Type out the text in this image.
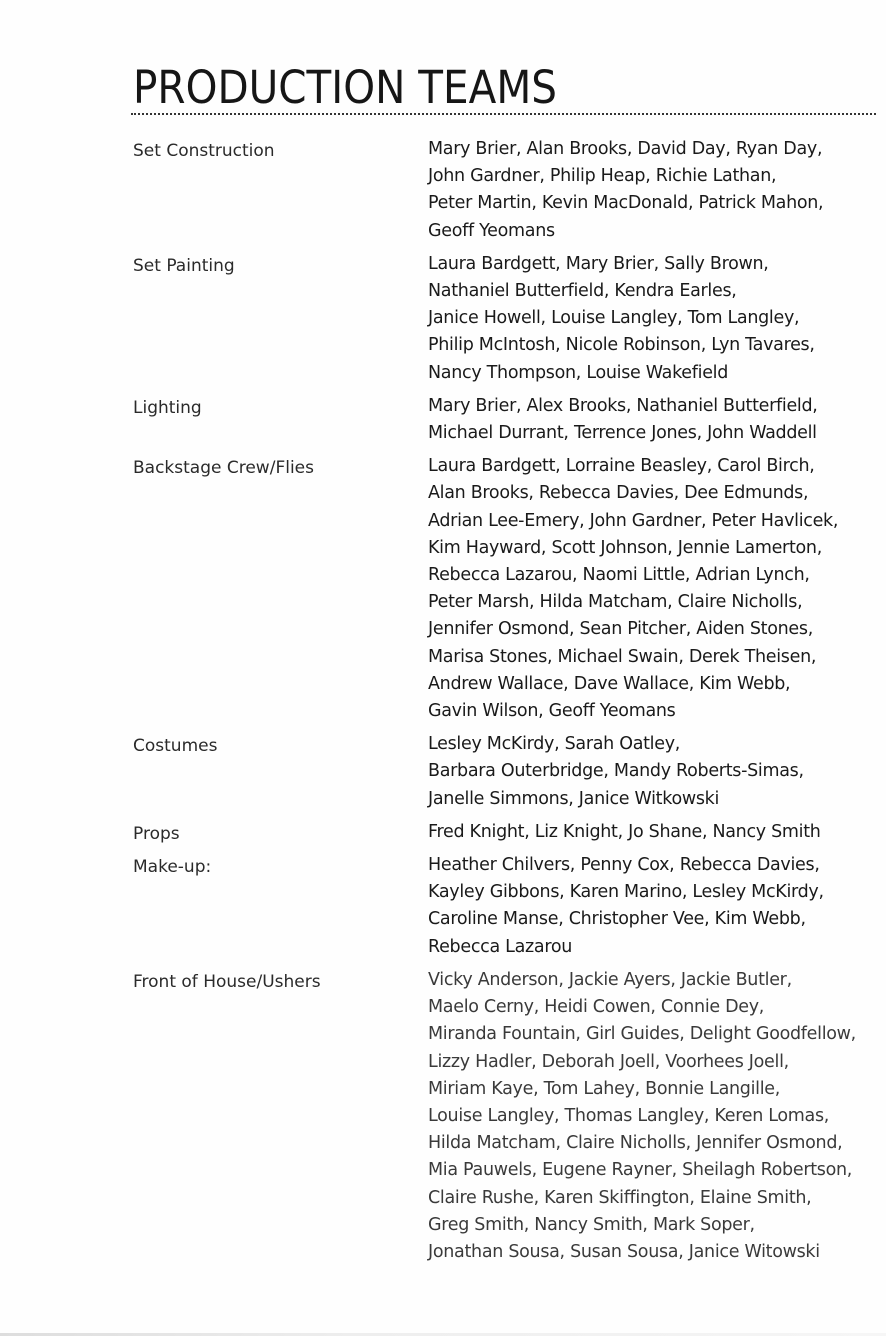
PRODUCTION TEAMS
Set Construction	Mary Brier, Alan Brooks, David Day, Ryan Day,
John Gardner, Philip Heap, Richie Lathan,
Peter Martin, Kevin MacDonald, Patrick Mahon,
Geoff Yeomans
Set Painting	Laura Bardgett, Mary Brier, Sally Brown,
Nathaniel Butterfield, Kendra Earles,
Janice Howell, Louise Langley, Tom Langley,
Philip McIntosh, Nicole Robinson, Lyn Tavares,
Nancy Thompson, Louise Wakefield
Lighting	Mary Brier, Alex Brooks, Nathaniel Butterfield,
Michael Durrant, Terrence Jones, John Waddell
Backstage Crew/Flies	Laura Bardgett, Lorraine Beasley, Carol Birch,
Alan Brooks, Rebecca Davies, Dee Edmunds,
Adrian Lee-Emery, John Gardner, Peter Havlicek,
Kim Hayward, Scott Johnson, Jennie Lamerton,
Rebecca Lazarou, Naomi Little, Adrian Lynch,
Peter Marsh, Hilda Matcham, Claire Nicholls,
Jennifer Osmond, Sean Pitcher, Aiden Stones,
Marisa Stones, Michael Swain, Derek Theisen,
Andrew Wallace, Dave Wallace, Kim Webb,
Gavin Wilson, Geoff Yeomans
Costumes	Lesley McKirdy, Sarah Oatley,
Barbara Outerbridge, Mandy Roberts-Simas,
Janelle Simmons, Janice Witkowski
Props	Fred Knight, Liz Knight, Jo Shane, Nancy Smith
Make-up:	Heather Chilvers, Penny Cox, Rebecca Davies,
Kayley Gibbons, Karen Marino, Lesley McKirdy,
Caroline Manse, Christopher Vee, Kim Webb,
Rebecca Lazarou
Front of House/Ushers	Vicky Anderson, Jackie Ayers, Jackie Butler,
Maelo Cerny, Heidi Cowen, Connie Dey,
Miranda Fountain, Girl Guides, Delight Goodfellow,
Lizzy Hadler, Deborah Joell, Voorhees Joell,
Miriam Kaye, Tom Lahey, Bonnie Langille,
Louise Langley, Thomas Langley, Keren Lomas,
Hilda Matcham, Claire Nicholls, Jennifer Osmond,
Mia Pauwels, Eugene Rayner, Sheilagh Robertson,
Claire Rushe, Karen Skiffington, Elaine Smith,
Greg Smith, Nancy Smith, Mark Soper,
Jonathan Sousa, Susan Sousa, Janice Witowski
